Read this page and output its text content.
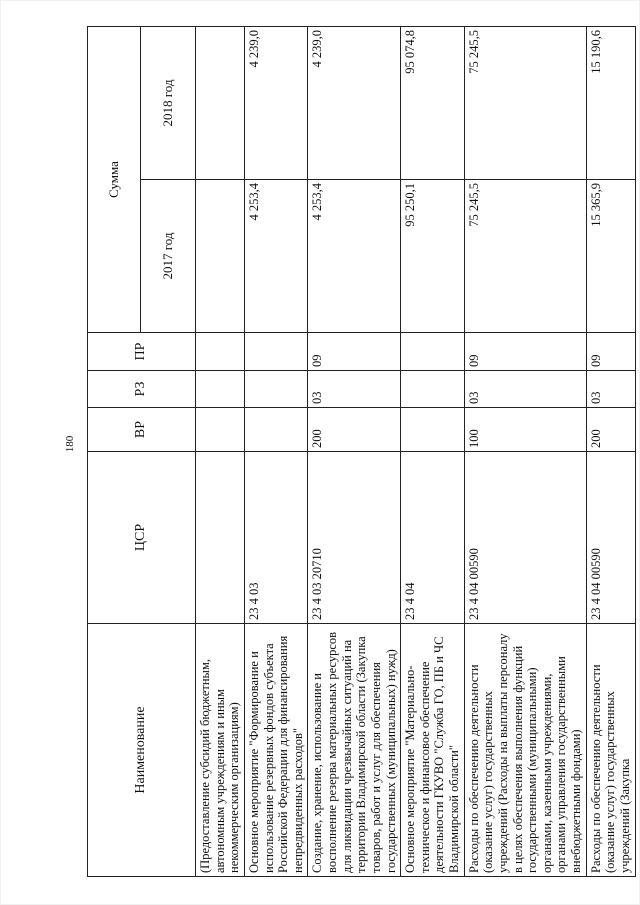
180
Наименование	ЦСР	ВР	РЗ	ПР	Сумма	
					2017 год	2018 год
(Предоставление субсидий бюджетным, автономным учреждениям и иным некоммерческим организациям)						
Основное мероприятие "Формирование и использование резервных фондов субъекта Российской Федерации для финансирования непредвиденных расходов"	23 4 03				4 253,4	4 239,0
Создание, хранение, использование и восполнение резерва материальных ресурсов для ликвидации чрезвычайных ситуаций на территории Владимирской области (Закупка товаров, работ и услуг для обеспечения государственных (муниципальных) нужд)	23 4 03 20710	200	03	09	4 253,4	4 239,0
Основное мероприятие "Материально-техническое и финансовое обеспечение деятельности ГКУВО "Служба ГО, ПБ и ЧС Владимирской области"	23 4 04				95 250,1	95 074,8
Расходы по обеспечению деятельности (оказание услуг) государственных учреждений (Расходы на выплаты персоналу в целях обеспечения выполнения функций государственными (муниципальными) органами, казенными учреждениями, органами управления государственными внебюджетными фондами)	23 4 04 00590	100	03	09	75 245,5	75 245,5
Расходы по обеспечению деятельности (оказание услуг) государственных учреждений (Закупка	23 4 04 00590	200	03	09	15 365,9	15 190,6
